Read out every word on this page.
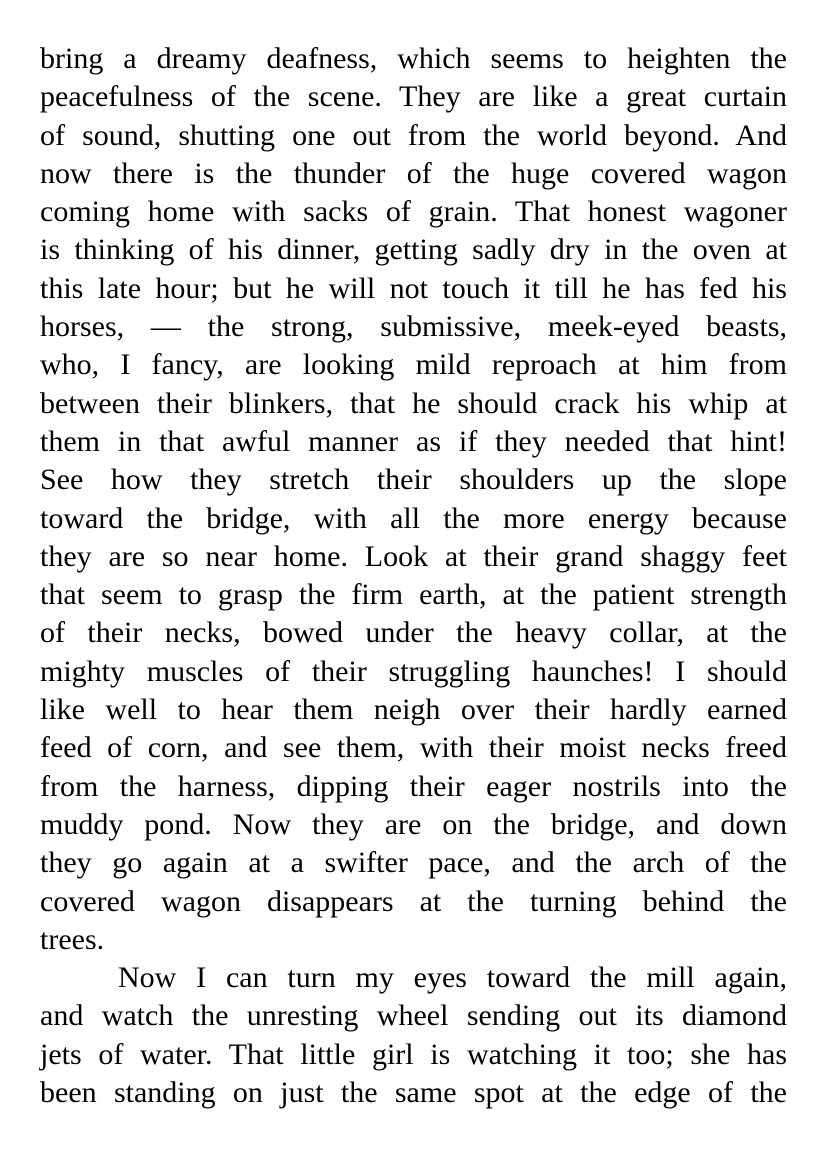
bring a dreamy deafness, which seems to heighten the
peacefulness of the scene. They are like a great curtain
of sound, shutting one out from the world beyond. And
now there is the thunder of the huge covered wagon
coming home with sacks of grain. That honest wagoner
is thinking of his dinner, getting sadly dry in the oven at
this late hour; but he will not touch it till he has fed his
horses, — the strong, submissive, meek-eyed beasts,
who, I fancy, are looking mild reproach at him from
between their blinkers, that he should crack his whip at
them in that awful manner as if they needed that hint!
See how they stretch their shoulders up the slope
toward the bridge, with all the more energy because
they are so near home. Look at their grand shaggy feet
that seem to grasp the firm earth, at the patient strength
of their necks, bowed under the heavy collar, at the
mighty muscles of their struggling haunches! I should
like well to hear them neigh over their hardly earned
feed of corn, and see them, with their moist necks freed
from the harness, dipping their eager nostrils into the
muddy pond. Now they are on the bridge, and down
they go again at a swifter pace, and the arch of the
covered wagon disappears at the turning behind the
trees.
Now I can turn my eyes toward the mill again,
and watch the unresting wheel sending out its diamond
jets of water. That little girl is watching it too; she has
been standing on just the same spot at the edge of the
